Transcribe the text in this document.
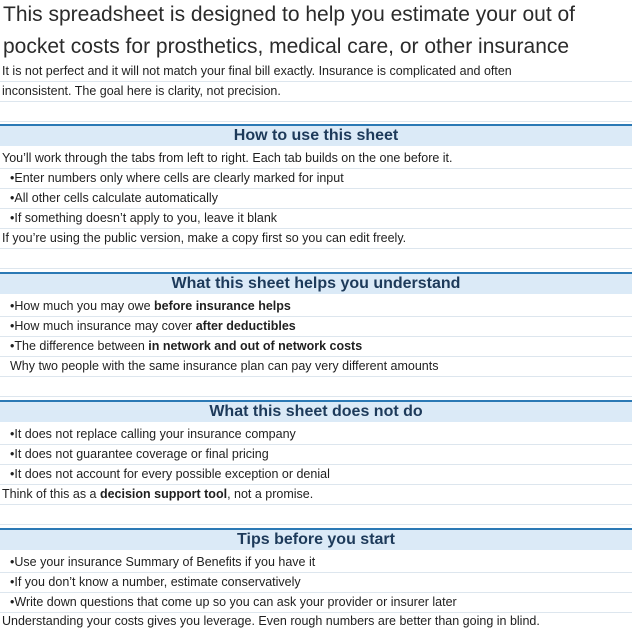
This spreadsheet is designed to help you estimate your out of
pocket costs for prosthetics, medical care, or other insurance
It is not perfect and it will not match your final bill exactly. Insurance is complicated and often
inconsistent. The goal here is clarity, not precision.
How to use this sheet
You’ll work through the tabs from left to right. Each tab builds on the one before it.
•Enter numbers only where cells are clearly marked for input
•All other cells calculate automatically
•If something doesn’t apply to you, leave it blank
If you’re using the public version, make a copy first so you can edit freely.
What this sheet helps you understand
•How much you may owe before insurance helps
•How much insurance may cover after deductibles
•The difference between in network and out of network costs
Why two people with the same insurance plan can pay very different amounts
What this sheet does not do
•It does not replace calling your insurance company
•It does not guarantee coverage or final pricing
•It does not account for every possible exception or denial
Think of this as a decision support tool, not a promise.
Tips before you start
•Use your insurance Summary of Benefits if you have it
•If you don’t know a number, estimate conservatively
•Write down questions that come up so you can ask your provider or insurer later
Understanding your costs gives you leverage. Even rough numbers are better than going in blind.
